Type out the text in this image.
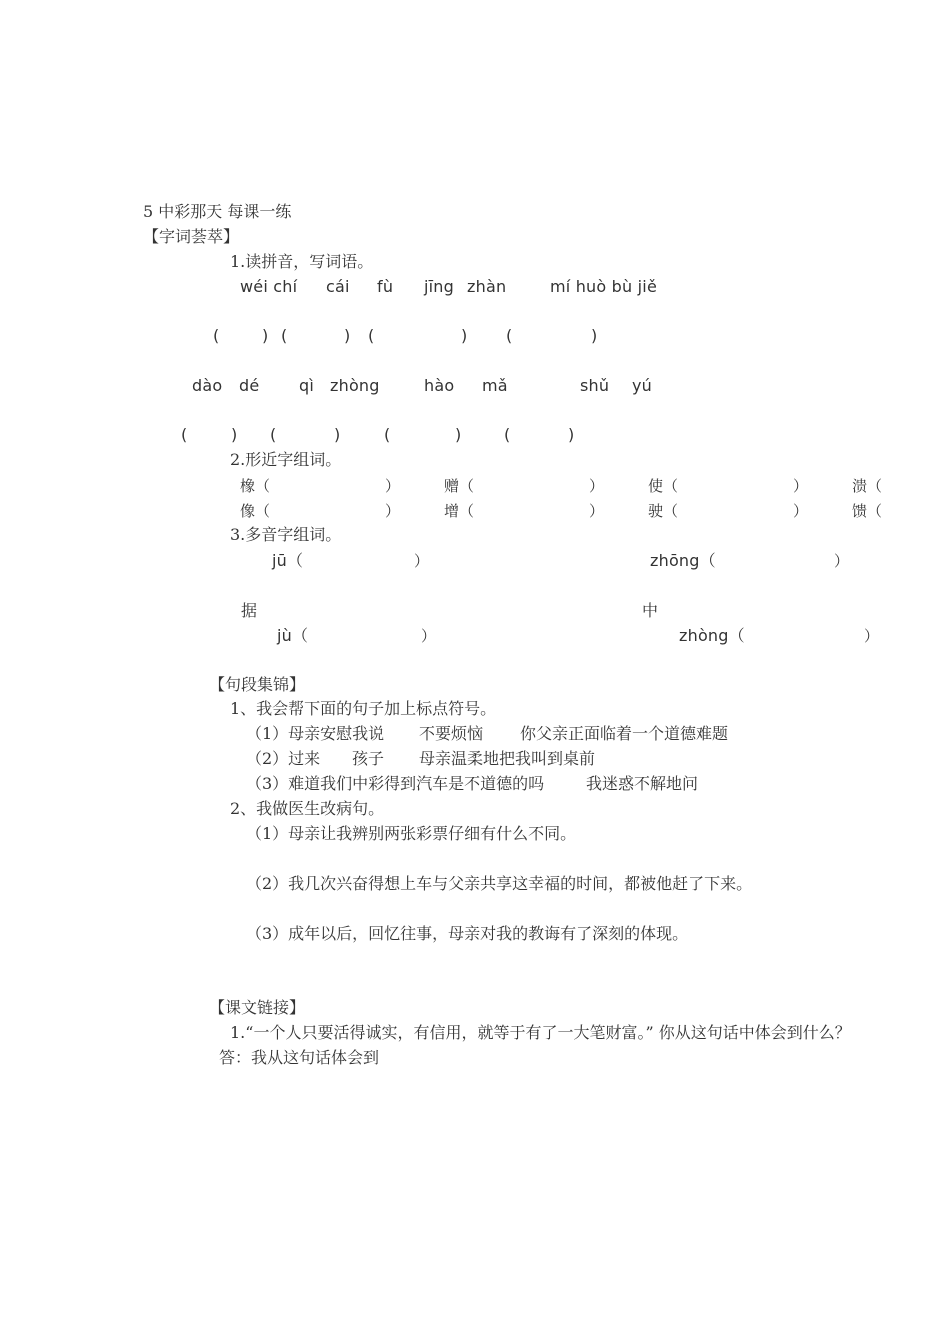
5 中彩那天 每课一练
【字词荟萃】
1.读拼音，写词语。
wéi chí cái fù jīng zhàn	mí huò bù jiě
(	) (	) (	) (	)
dào dé qì zhòng	hào mǎ	shǔ yú
(	) (	)	(	)	(	)
2.形近字组词。
橡（	）	赠（	）	使（	）	溃（
像（	）	增（	）	驶（	）	馈（
3.多音字组词。
jū（	）	zhōng（	）
据	中
jù（	）	zhòng（	）
【句段集锦】
1、我会帮下面的句子加上标点符号。
（1）母亲安慰我说 不要烦恼 你父亲正面临着一个道德难题
（2）过来 孩子 母亲温柔地把我叫到桌前
（3）难道我们中彩得到汽车是不道德的吗	我迷惑不解地问
2、我做医生改病句。
（1）母亲让我辨别两张彩票仔细有什么不同。
（2）我几次兴奋得想上车与父亲共享这幸福的时间，都被他赶了下来。
（3）成年以后，回忆往事，母亲对我的教诲有了深刻的体现。
【课文链接】
1.“一个人只要活得诚实，有信用，就等于有了一大笔财富。” 你从这句话中体会到什么？
答：我从这句话体会到
